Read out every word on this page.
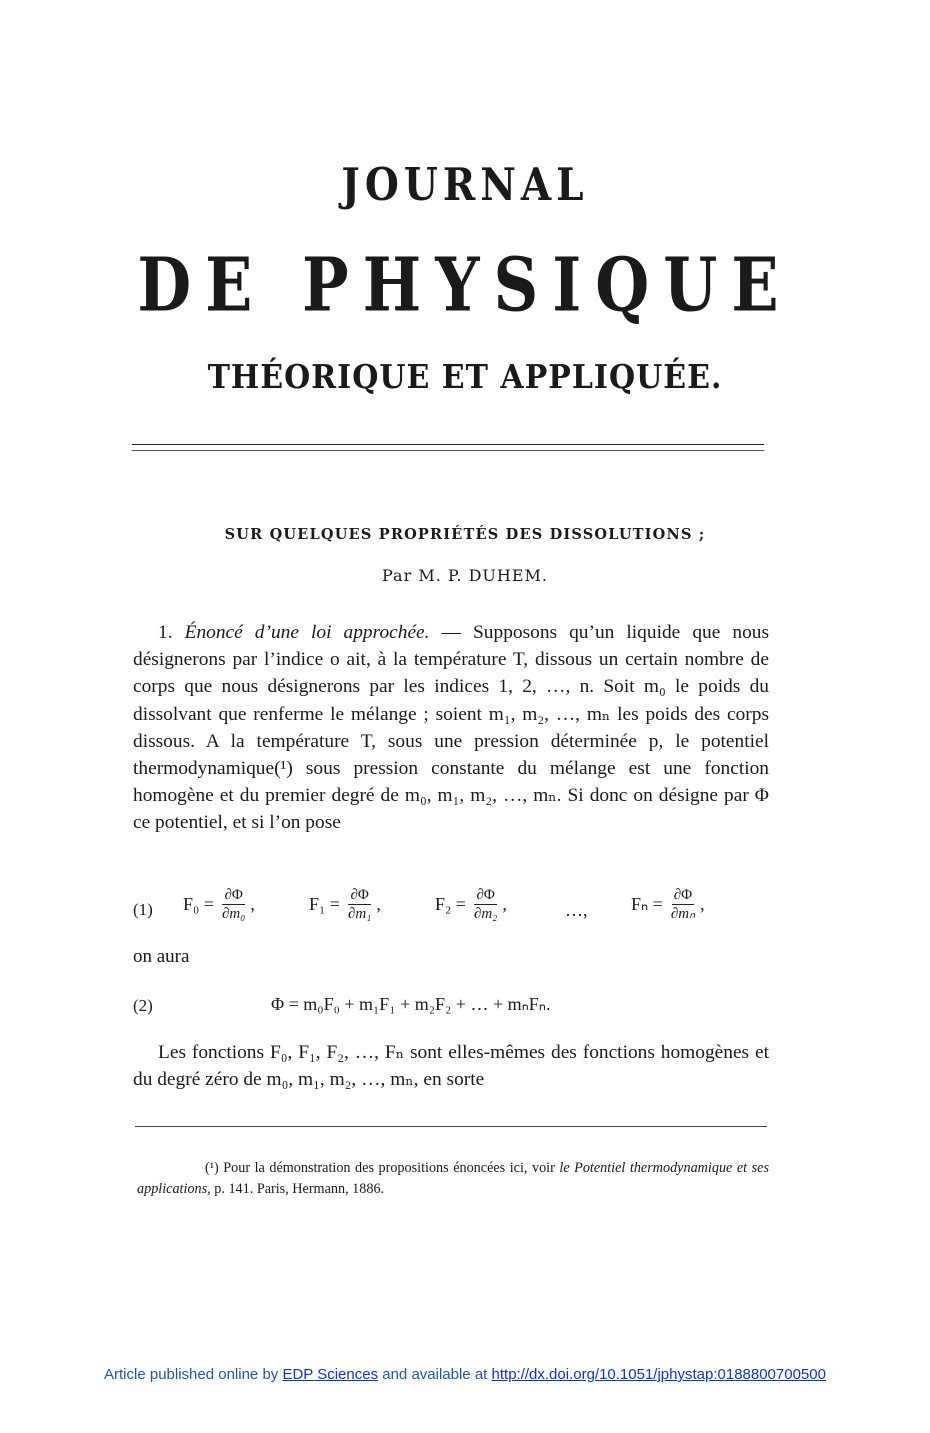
JOURNAL
DE PHYSIQUE
THÉORIQUE ET APPLIQUÉE.
SUR QUELQUES PROPRIÉTÉS DES DISSOLUTIONS ;
Par M. P. DUHEM.
1. Énoncé d’une loi approchée. — Supposons qu’un liquide que nous désignerons par l’indice o ait, à la température T, dissous un certain nombre de corps que nous désignerons par les indices 1, 2, …, n. Soit m₀ le poids du dissolvant que renferme le mélange ; soient m₁, m₂, …, mₙ les poids des corps dissous. A la température T, sous une pression déterminée p, le potentiel thermodynamique(¹) sous pression constante du mélange est une fonction homogène et du premier degré de m₀, m₁, m₂, …, mₙ. Si donc on désigne par Φ ce potentiel, et si l’on pose
(1) $F_0 = \frac{\partial\Phi}{\text{∂m₀}}$ ,	$F_1 = \frac{\partial\Phi}{\text{∂m₁}}$ ,	$F_2 = \frac{\partial\Phi}{\text{∂m₂}}$ ,	…, $F_n = \frac{\partial\Phi}{\text{∂mₙ}}$ ,
on aura
(2)	Φ = m₀F₀ + m₁F₁ + m₂F₂ + … + mₙFₙ.
Les fonctions F₀, F₁, F₂, …, Fₙ sont elles-mêmes des fonctions homogènes et du degré zéro de m₀, m₁, m₂, …, mₙ, en sorte
(¹) Pour la démonstration des propositions énoncées ici, voir le Potentiel thermodynamique et ses applications, p. 141. Paris, Hermann, 1886.
Article published online by EDP Sciences and available at http://dx.doi.org/10.1051/jphystap:0188800700500
